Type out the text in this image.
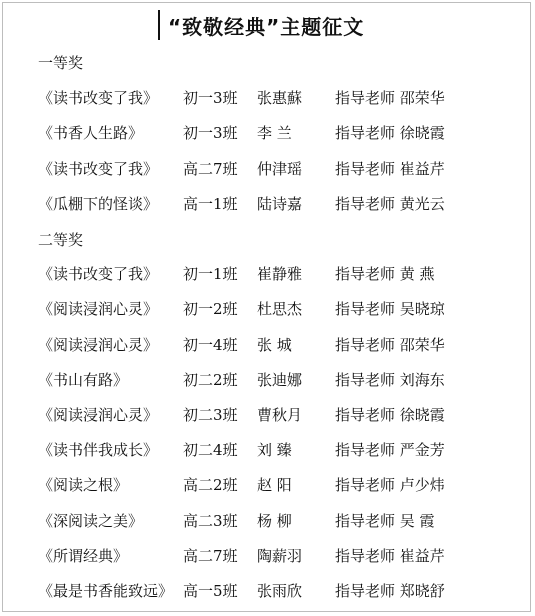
“致敬经典”主题征文
一等奖
《读书改变了我》 初一3班 张惠蘇 指导老师 邵荣华
《书香人生路》	初一3班 李 兰	指导老师 徐晓霞
《读书改变了我》 高二7班 仲津瑶 指导老师 崔益芹
《瓜棚下的怪谈》 高一1班 陆诗嘉 指导老师 黄光云
二等奖
《读书改变了我》 初一1班 崔静雅 指导老师 黄 燕
《阅读浸润心灵》 初一2班 杜思杰 指导老师 吴晓琼
《阅读浸润心灵》 初一4班 张 城	指导老师 邵荣华
《书山有路》	初二2班 张迪娜 指导老师 刘海东
《阅读浸润心灵》 初二3班 曹秋月 指导老师 徐晓霞
《读书伴我成长》 初二4班 刘 臻	指导老师 严金芳
《阅读之根》	高二2班 赵 阳	指导老师 卢少炜
《深阅读之美》	高二3班 杨 柳	指导老师 吴 霞
《所谓经典》	高二7班 陶薪羽 指导老师 崔益芹
《最是书香能致远》 高一5班 张雨欣 指导老师 郑晓舒
